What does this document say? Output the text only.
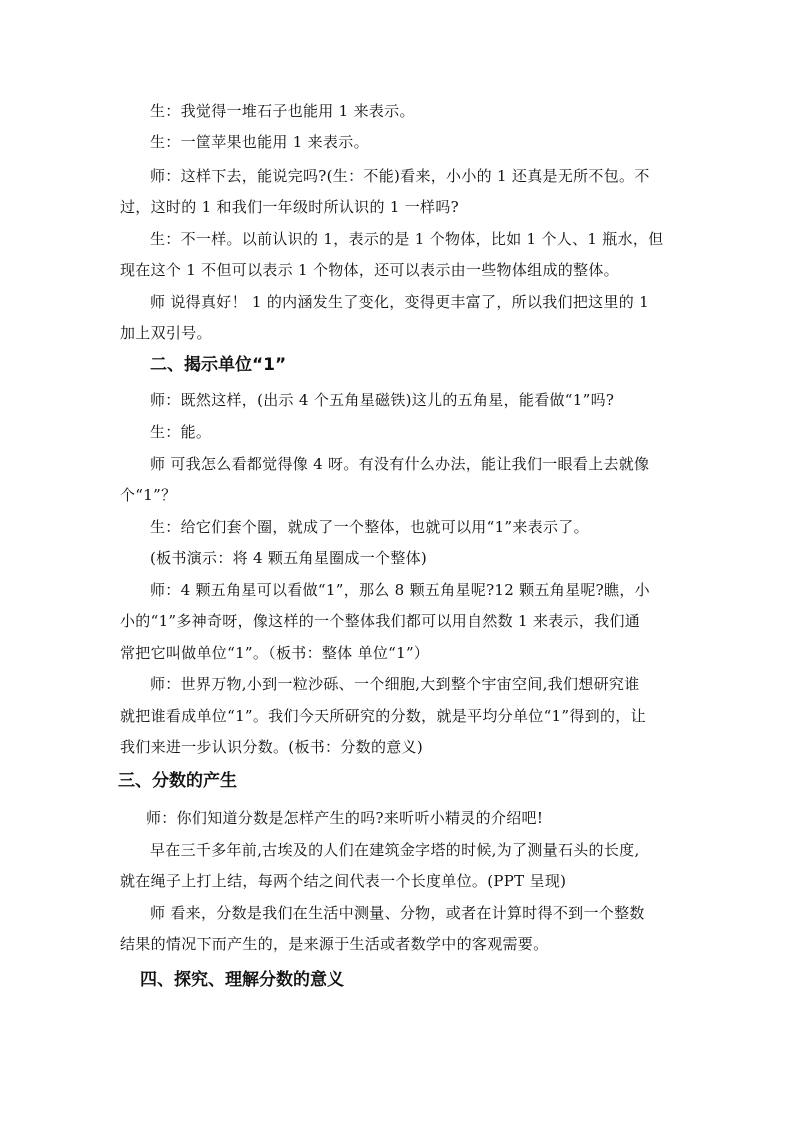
生：我觉得一堆石子也能用 1 来表示。
生：一筐苹果也能用 1 来表示。
师：这样下去，能说完吗?(生：不能)看来，小小的 1 还真是无所不包。不
过，这时的 1 和我们一年级时所认识的 1 一样吗?
生：不一样。以前认识的 1，表示的是 1 个物体，比如 1 个人、1 瓶水，但
现在这个 1 不但可以表示 1 个物体，还可以表示由一些物体组成的整体。
师 说得真好！ 1 的内涵发生了变化，变得更丰富了，所以我们把这里的 1
加上双引号。
二、揭示单位“1”
师：既然这样，(出示 4 个五角星磁铁)这儿的五角星，能看做“1”吗?
生：能。
师 可我怎么看都觉得像 4 呀。有没有什么办法，能让我们一眼看上去就像
个“1”？
生：给它们套个圈，就成了一个整体，也就可以用“1”来表示了。
(板书演示：将 4 颗五角星圈成一个整体)
师：4 颗五角星可以看做“1”，那么 8 颗五角星呢?12 颗五角星呢?瞧，小
小的“1”多神奇呀，像这样的一个整体我们都可以用自然数 1 来表示，我们通
常把它叫做单位“1”。（板书：整体 单位“1”）
师：世界万物,小到一粒沙砾、一个细胞,大到整个宇宙空间,我们想研究谁
就把谁看成单位“1”。我们今天所研究的分数，就是平均分单位“1”得到的，让
我们来进一步认识分数。(板书：分数的意义)
三、分数的产生
师：你们知道分数是怎样产生的吗?来听听小精灵的介绍吧!
早在三千多年前,古埃及的人们在建筑金字塔的时候,为了测量石头的长度,
就在绳子上打上结，每两个结之间代表一个长度单位。(PPT 呈现)
师 看来，分数是我们在生活中测量、分物，或者在计算时得不到一个整数
结果的情况下而产生的，是来源于生活或者数学中的客观需要。
四、探究、理解分数的意义
